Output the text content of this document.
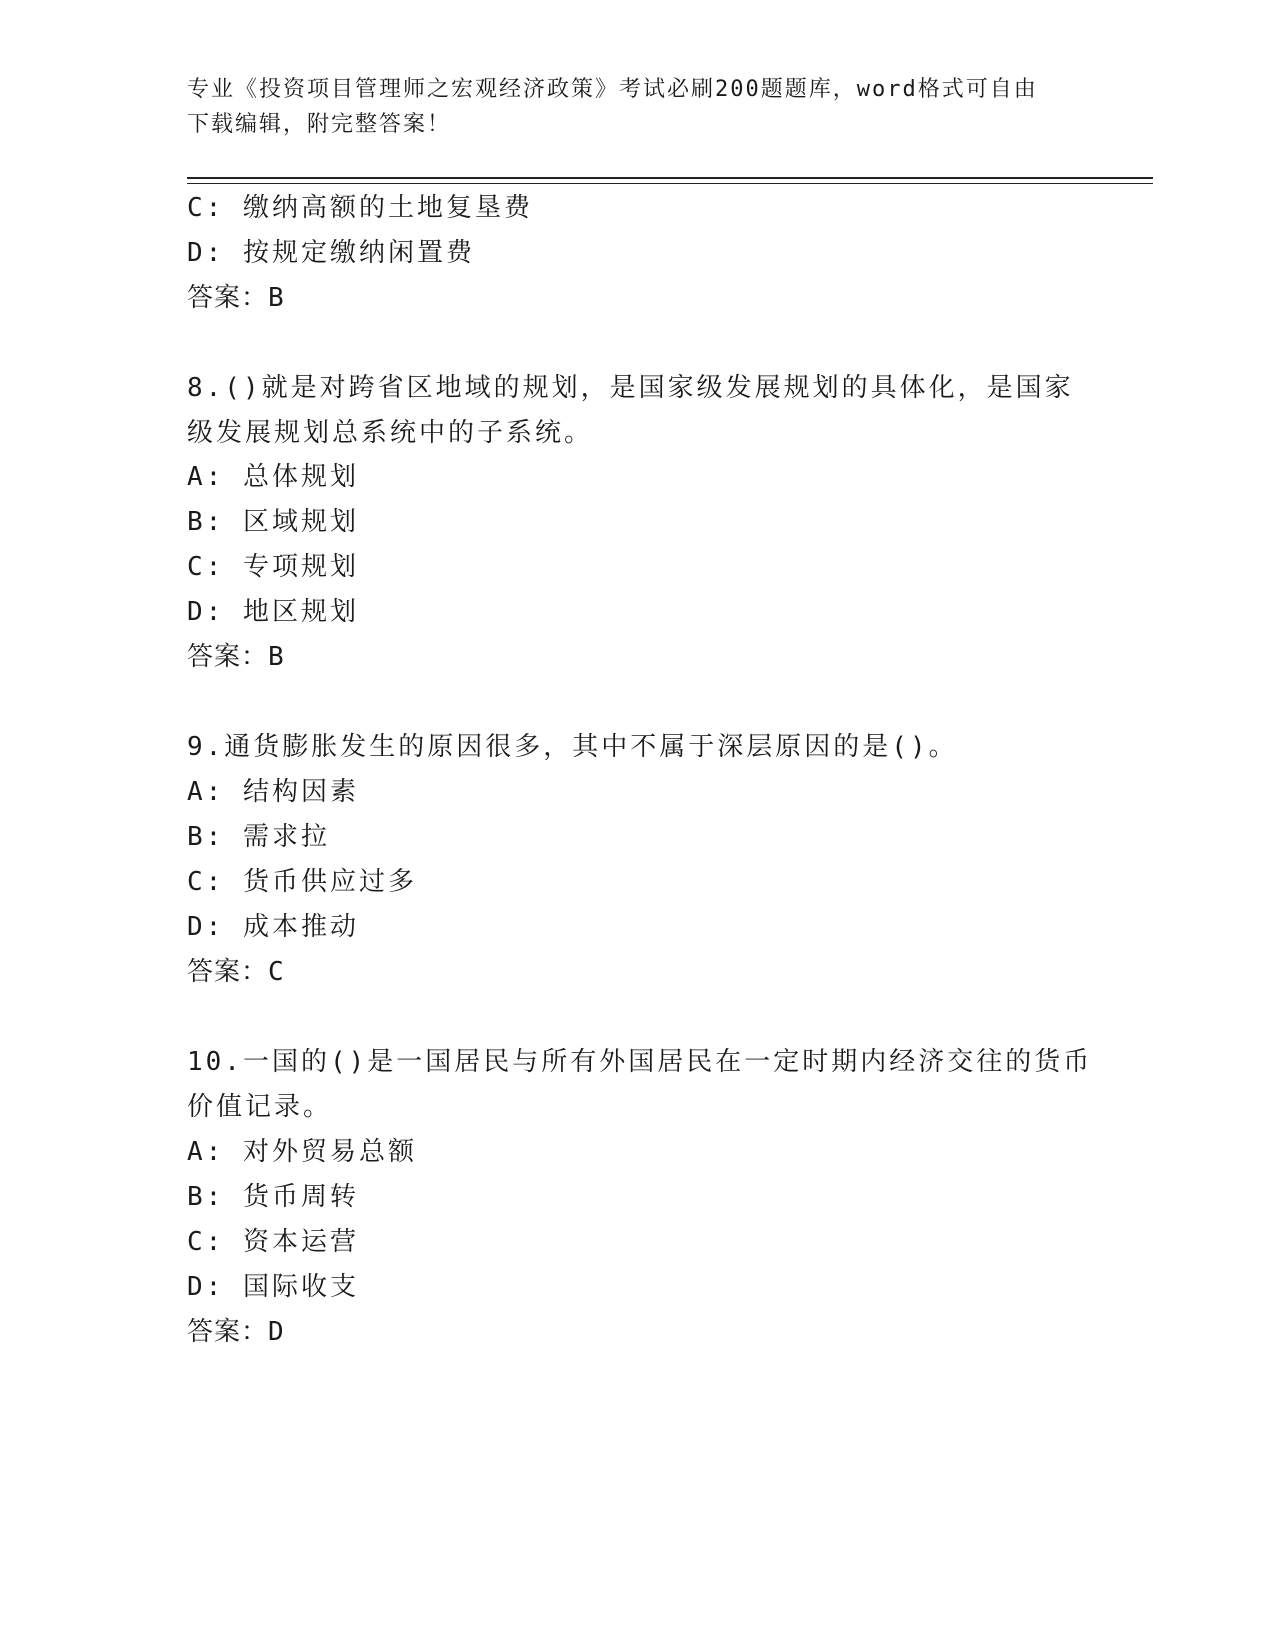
专业《投资项目管理师之宏观经济政策》考试必刷200题题库，word格式可自由
下载编辑，附完整答案！
C: 缴纳高额的土地复垦费
D: 按规定缴纳闲置费
答案：B
8.()就是对跨省区地域的规划，是国家级发展规划的具体化，是国家
级发展规划总系统中的子系统。
A: 总体规划
B: 区域规划
C: 专项规划
D: 地区规划
答案：B
9.通货膨胀发生的原因很多，其中不属于深层原因的是()。
A: 结构因素
B: 需求拉
C: 货币供应过多
D: 成本推动
答案：C
10.一国的()是一国居民与所有外国居民在一定时期内经济交往的货币
价值记录。
A: 对外贸易总额
B: 货币周转
C: 资本运营
D: 国际收支
答案：D
